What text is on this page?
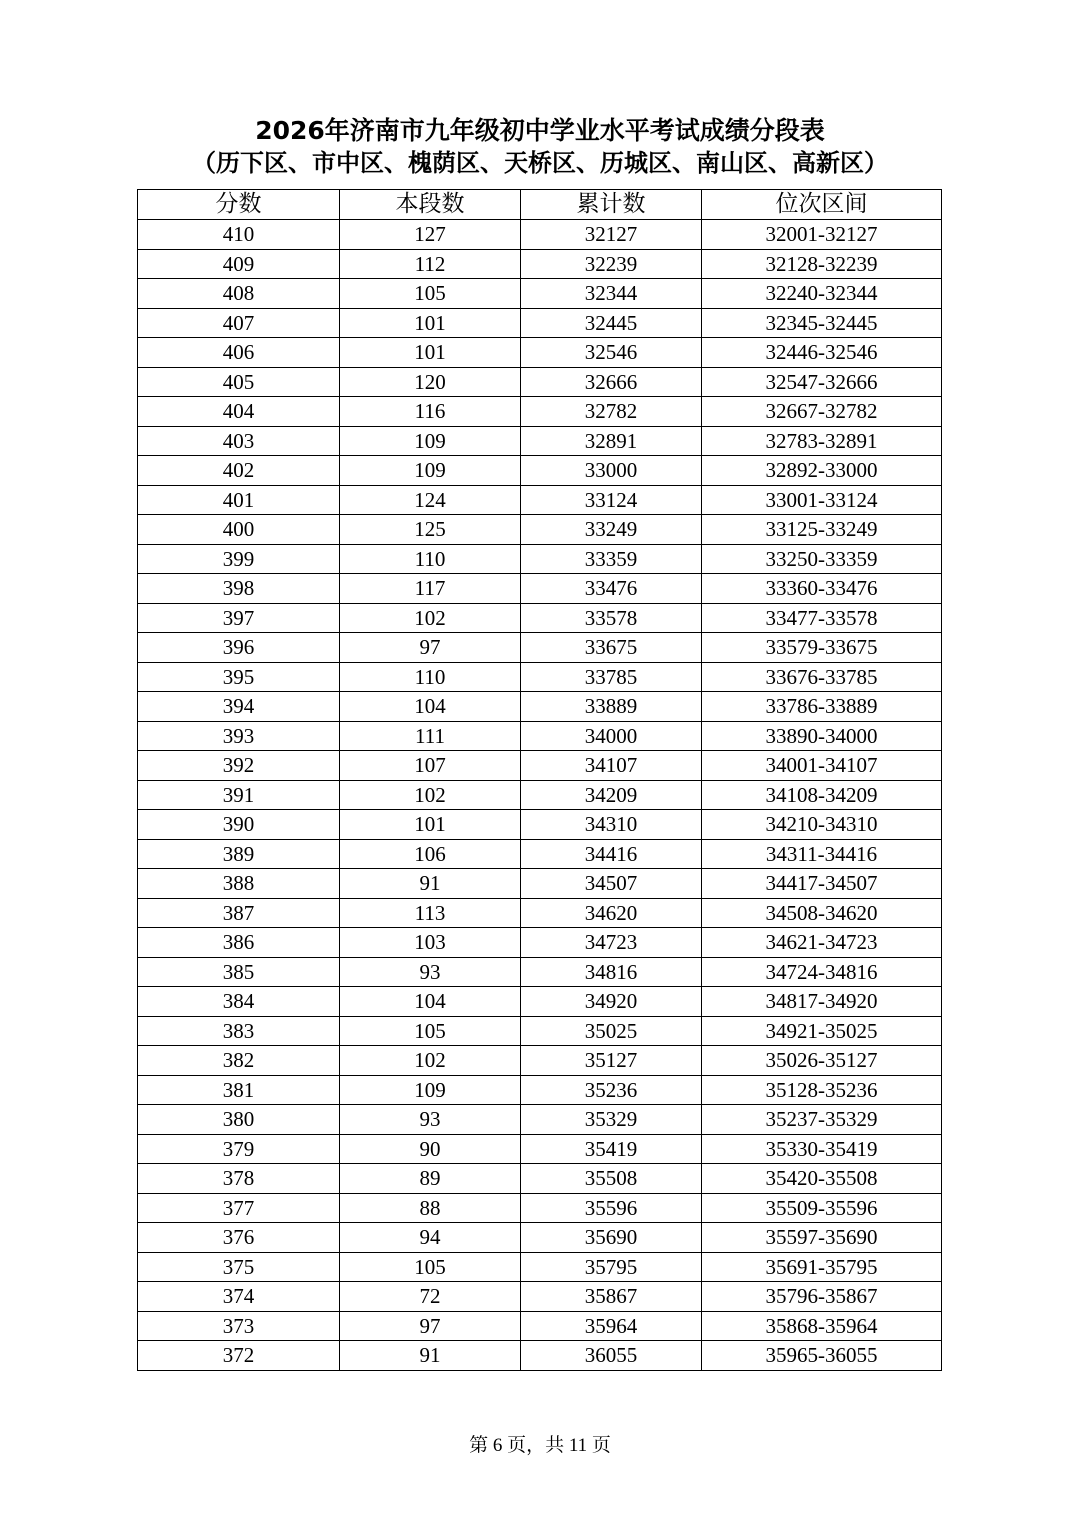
2026年济南市九年级初中学业水平考试成绩分段表
（历下区、市中区、槐荫区、天桥区、历城区、南山区、高新区）
分数	本段数	累计数	位次区间
410	127	32127	32001-32127
409	112	32239	32128-32239
408	105	32344	32240-32344
407	101	32445	32345-32445
406	101	32546	32446-32546
405	120	32666	32547-32666
404	116	32782	32667-32782
403	109	32891	32783-32891
402	109	33000	32892-33000
401	124	33124	33001-33124
400	125	33249	33125-33249
399	110	33359	33250-33359
398	117	33476	33360-33476
397	102	33578	33477-33578
396	97	33675	33579-33675
395	110	33785	33676-33785
394	104	33889	33786-33889
393	111	34000	33890-34000
392	107	34107	34001-34107
391	102	34209	34108-34209
390	101	34310	34210-34310
389	106	34416	34311-34416
388	91	34507	34417-34507
387	113	34620	34508-34620
386	103	34723	34621-34723
385	93	34816	34724-34816
384	104	34920	34817-34920
383	105	35025	34921-35025
382	102	35127	35026-35127
381	109	35236	35128-35236
380	93	35329	35237-35329
379	90	35419	35330-35419
378	89	35508	35420-35508
377	88	35596	35509-35596
376	94	35690	35597-35690
375	105	35795	35691-35795
374	72	35867	35796-35867
373	97	35964	35868-35964
372	91	36055	35965-36055
第 6 页，共 11 页
